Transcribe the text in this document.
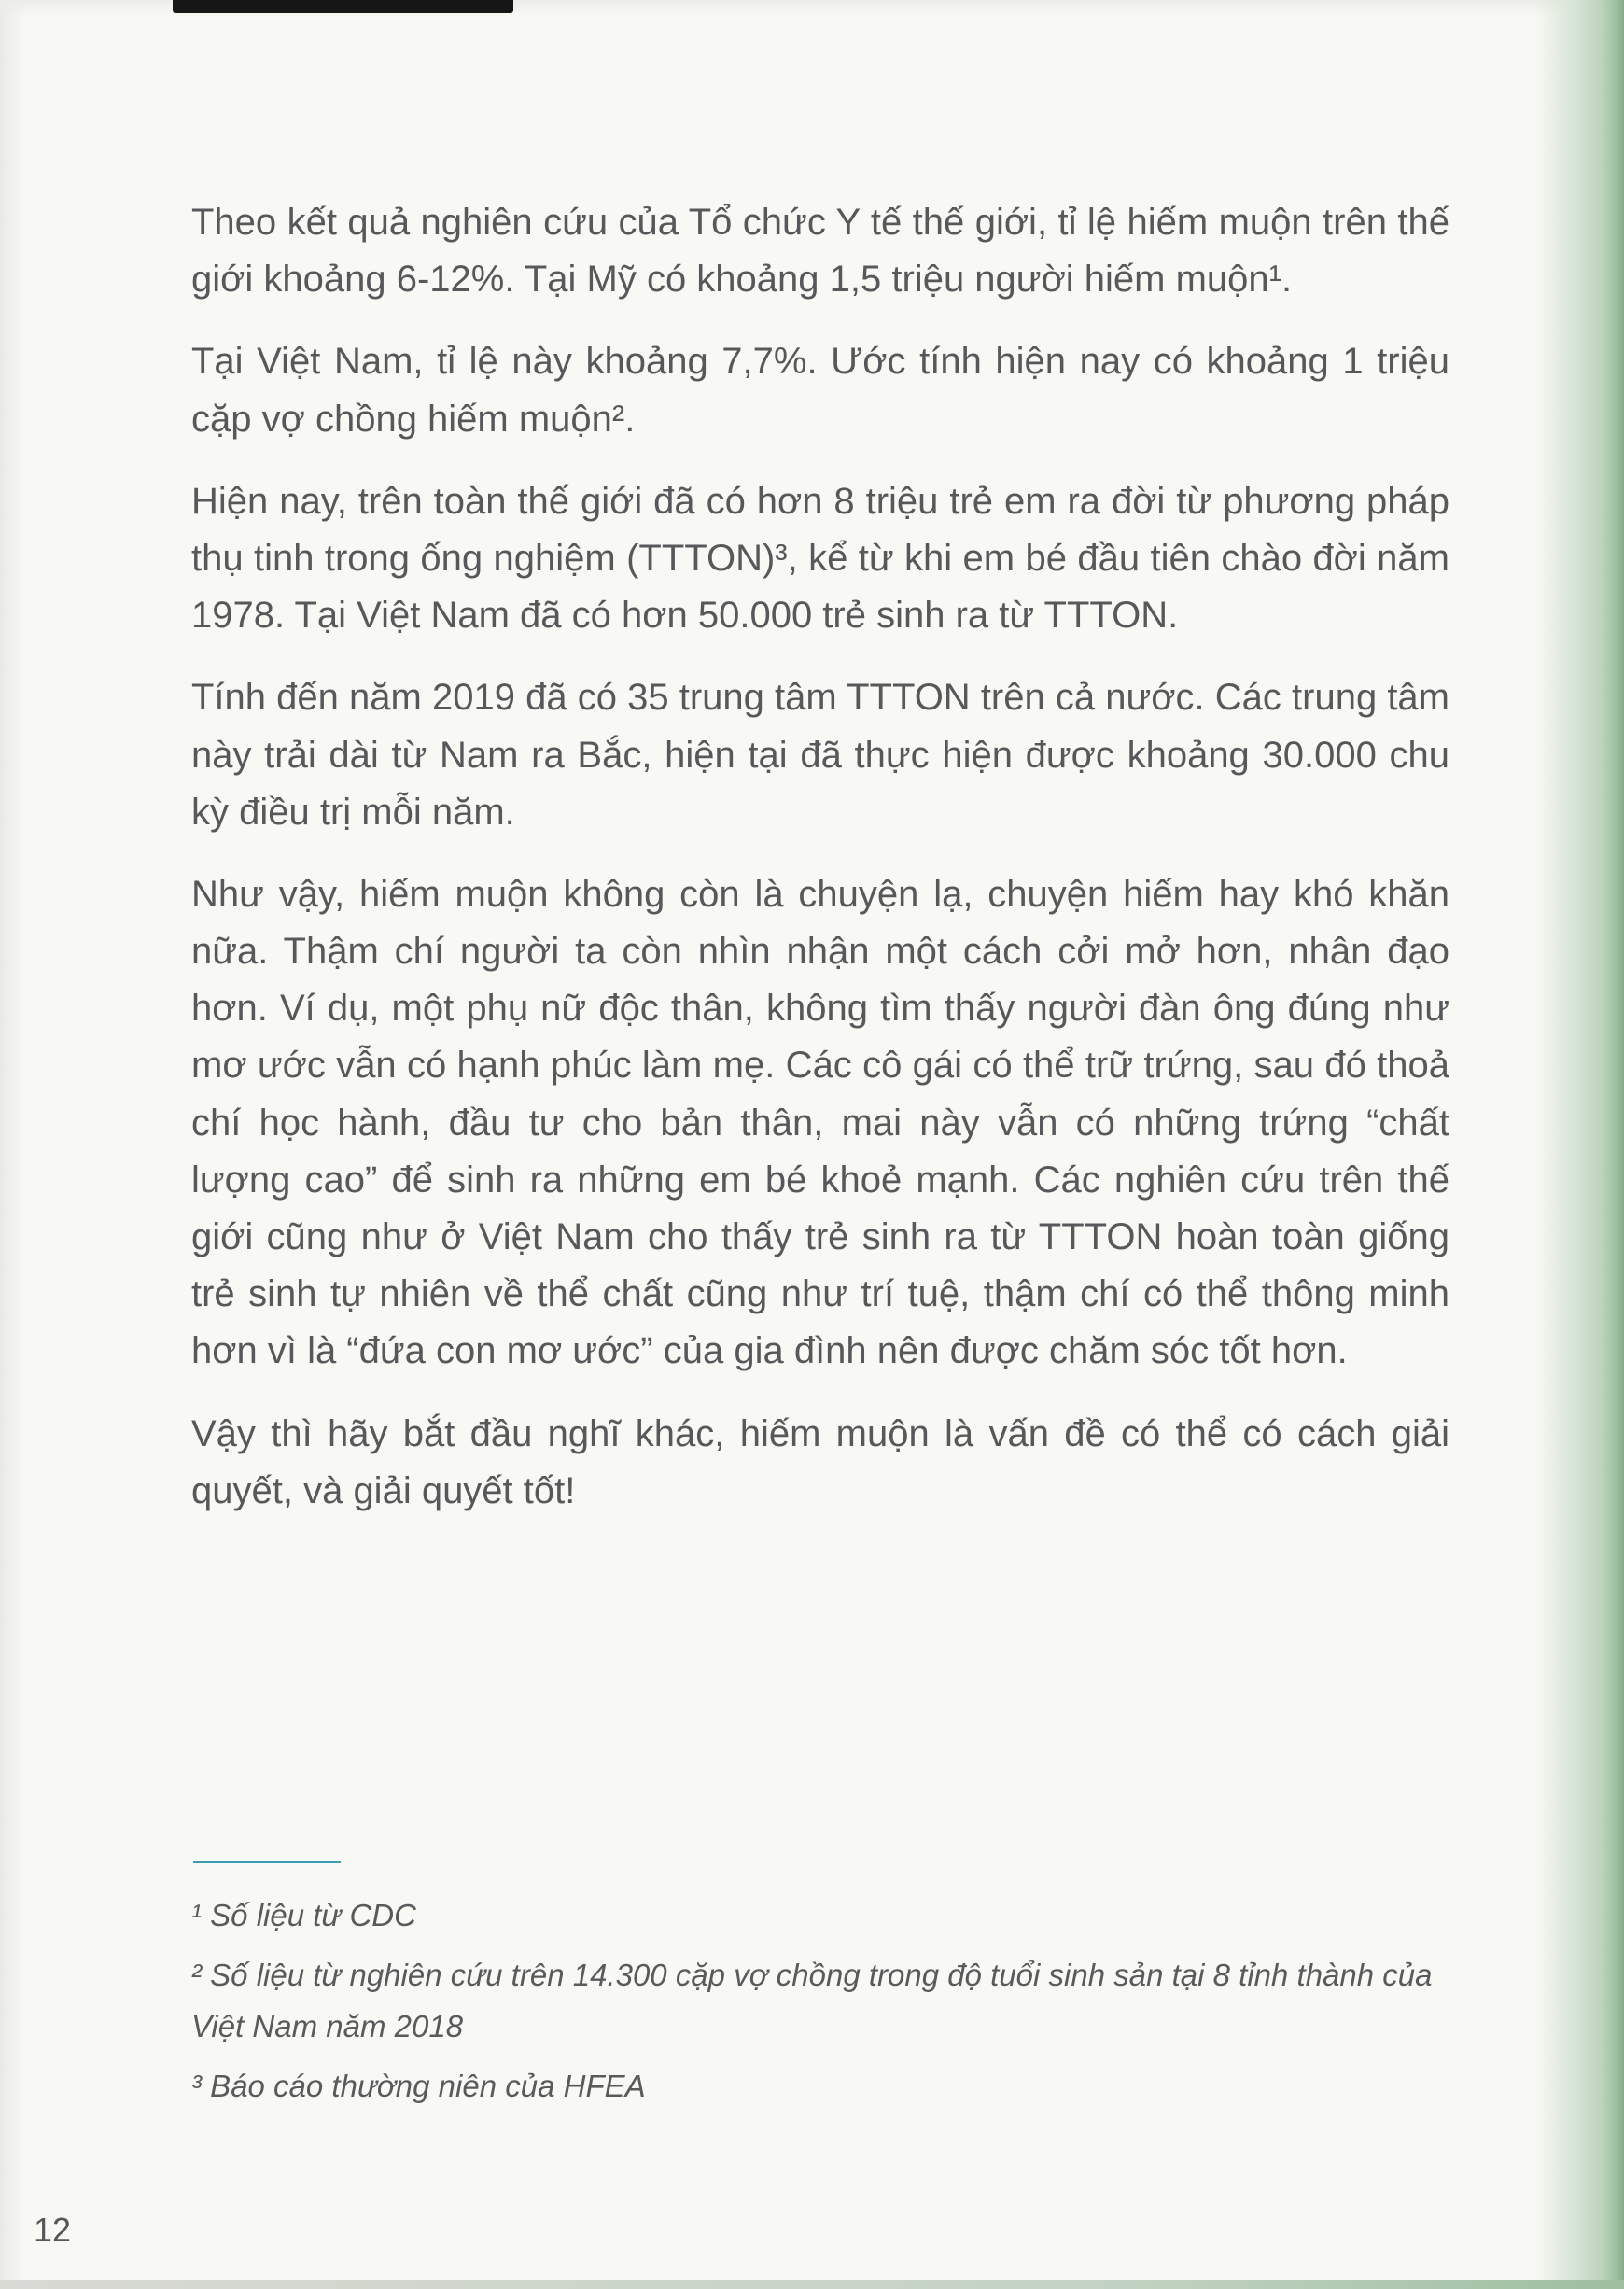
Theo kết quả nghiên cứu của Tổ chức Y tế thế giới, tỉ lệ hiếm muộn trên thế giới khoảng 6-12%. Tại Mỹ có khoảng 1,5 triệu người hiếm muộn¹.

Tại Việt Nam, tỉ lệ này khoảng 7,7%. Ước tính hiện nay có khoảng 1 triệu cặp vợ chồng hiếm muộn².

Hiện nay, trên toàn thế giới đã có hơn 8 triệu trẻ em ra đời từ phương pháp thụ tinh trong ống nghiệm (TTTON)³, kể từ khi em bé đầu tiên chào đời năm 1978. Tại Việt Nam đã có hơn 50.000 trẻ sinh ra từ TTTON.

Tính đến năm 2019 đã có 35 trung tâm TTTON trên cả nước. Các trung tâm này trải dài từ Nam ra Bắc, hiện tại đã thực hiện được khoảng 30.000 chu kỳ điều trị mỗi năm.

Như vậy, hiếm muộn không còn là chuyện lạ, chuyện hiếm hay khó khăn nữa. Thậm chí người ta còn nhìn nhận một cách cởi mở hơn, nhân đạo hơn. Ví dụ, một phụ nữ độc thân, không tìm thấy người đàn ông đúng như mơ ước vẫn có hạnh phúc làm mẹ. Các cô gái có thể trữ trứng, sau đó thoả chí học hành, đầu tư cho bản thân, mai này vẫn có những trứng “chất lượng cao” để sinh ra những em bé khoẻ mạnh. Các nghiên cứu trên thế giới cũng như ở Việt Nam cho thấy trẻ sinh ra từ TTTON hoàn toàn giống trẻ sinh tự nhiên về thể chất cũng như trí tuệ, thậm chí có thể thông minh hơn vì là “đứa con mơ ước” của gia đình nên được chăm sóc tốt hơn.

Vậy thì hãy bắt đầu nghĩ khác, hiếm muộn là vấn đề có thể có cách giải quyết, và giải quyết tốt!

¹ Số liệu từ CDC

² Số liệu từ nghiên cứu trên 14.300 cặp vợ chồng trong độ tuổi sinh sản tại 8 tỉnh thành của Việt Nam năm 2018

³ Báo cáo thường niên của HFEA

12
